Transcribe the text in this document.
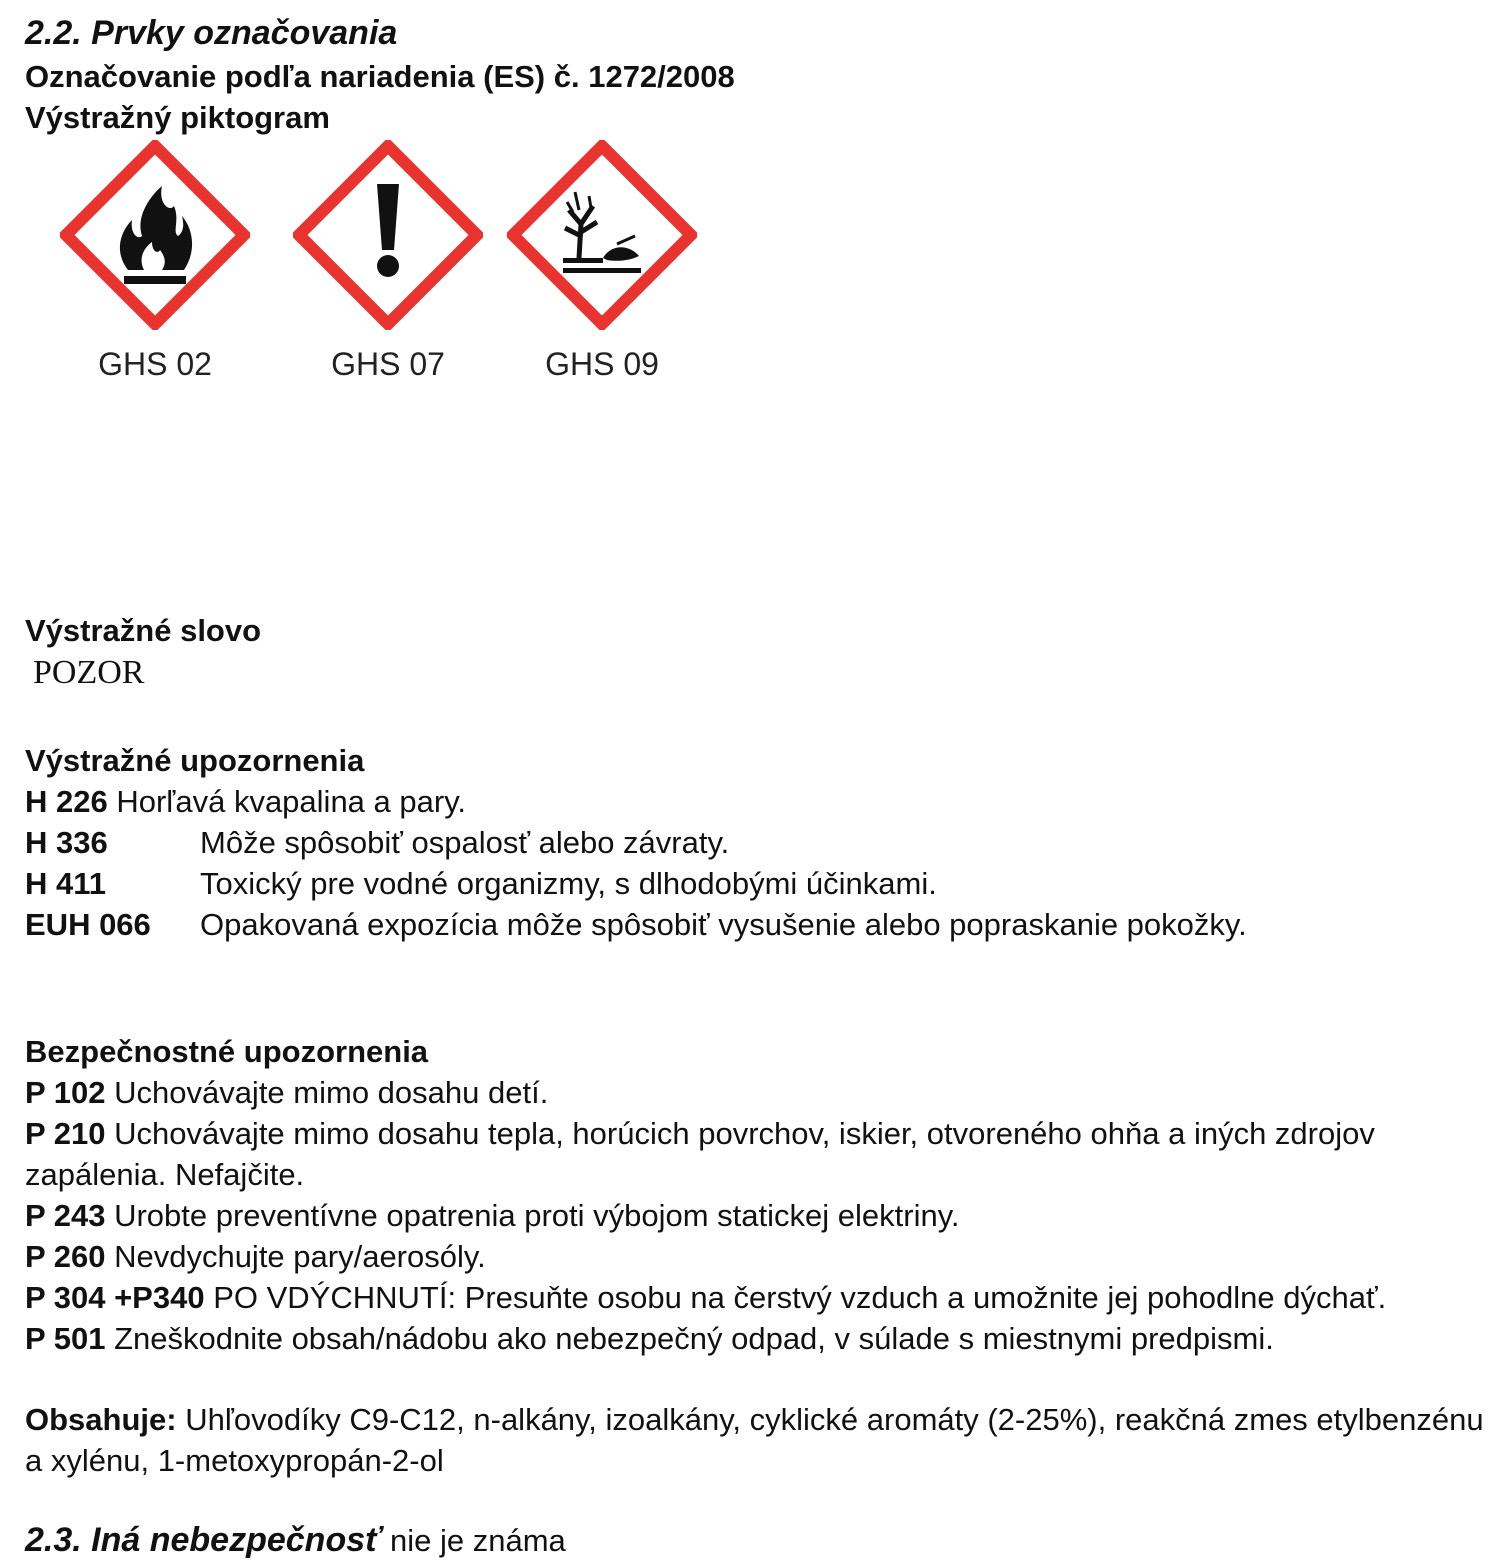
2.2. Prvky označovania
Označovanie podľa nariadenia (ES) č. 1272/2008
Výstražný piktogram
GHS 02	GHS 07	GHS 09
Výstražné slovo
POZOR
Výstražné upozornenia
H 226 Horľavá kvapalina a pary.
H 336	Môže spôsobiť ospalosť alebo závraty.
H 411	Toxický pre vodné organizmy, s dlhodobými účinkami.
EUH 066	Opakovaná expozícia môže spôsobiť vysušenie alebo popraskanie pokožky.
Bezpečnostné upozornenia
P 102 Uchovávajte mimo dosahu detí.
P 210 Uchovávajte mimo dosahu tepla, horúcich povrchov, iskier, otvoreného ohňa a iných zdrojov zapálenia. Nefajčite.
P 243 Urobte preventívne opatrenia proti výbojom statickej elektriny.
P 260 Nevdychujte pary/aerosóly.
P 304 +P340 PO VDÝCHNUTÍ: Presuňte osobu na čerstvý vzduch a umožnite jej pohodlne dýchať.
P 501 Zneškodnite obsah/nádobu ako nebezpečný odpad, v súlade s miestnymi predpismi.
Obsahuje: Uhľovodíky C9-C12, n-alkány, izoalkány, cyklické aromáty (2-25%), reakčná zmes etylbenzénu a xylénu, 1-metoxypropán-2-ol
2.3. Iná nebezpečnosť nie je známa
